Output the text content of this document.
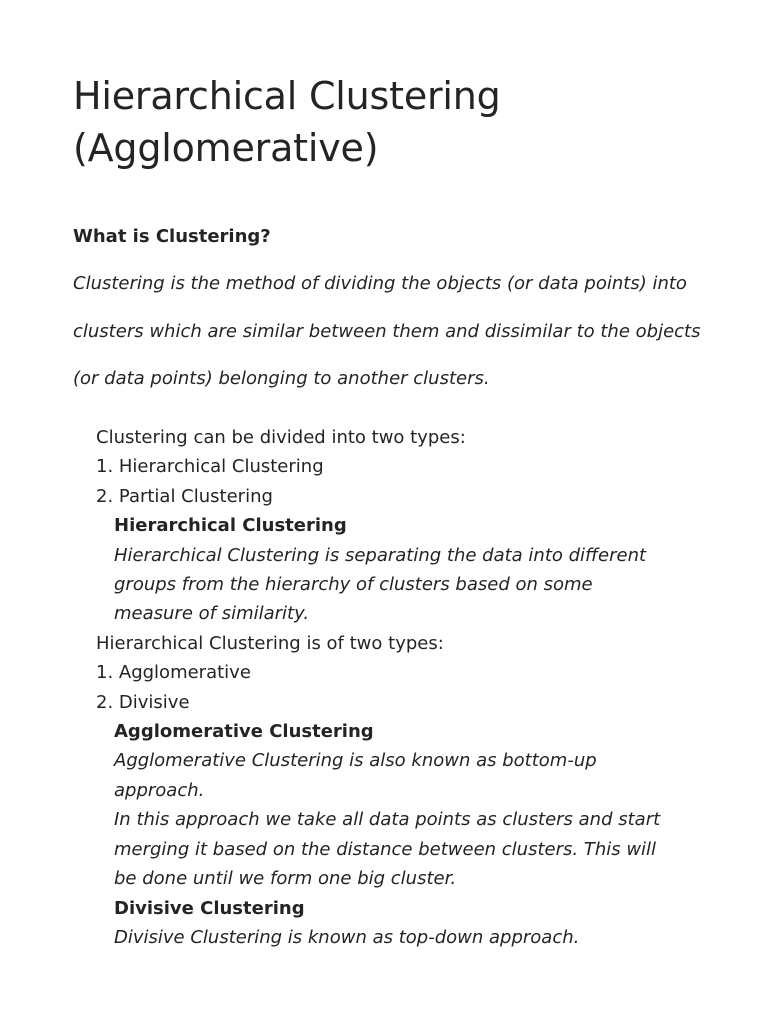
Hierarchical Clustering
(Agglomerative)
What is Clustering?

Clustering is the method of dividing the objects (or data points) into
clusters which are similar between them and dissimilar to the objects
(or data points) belonging to another clusters.

Clustering can be divided into two types:
1. Hierarchical Clustering
2. Partial Clustering
Hierarchical Clustering
Hierarchical Clustering is separating the data into different
groups from the hierarchy of clusters based on some
measure of similarity.
Hierarchical Clustering is of two types:
1. Agglomerative
2. Divisive
Agglomerative Clustering
Agglomerative Clustering is also known as bottom-up
approach.
In this approach we take all data points as clusters and start
merging it based on the distance between clusters. This will
be done until we form one big cluster.
Divisive Clustering
Divisive Clustering is known as top-down approach.
